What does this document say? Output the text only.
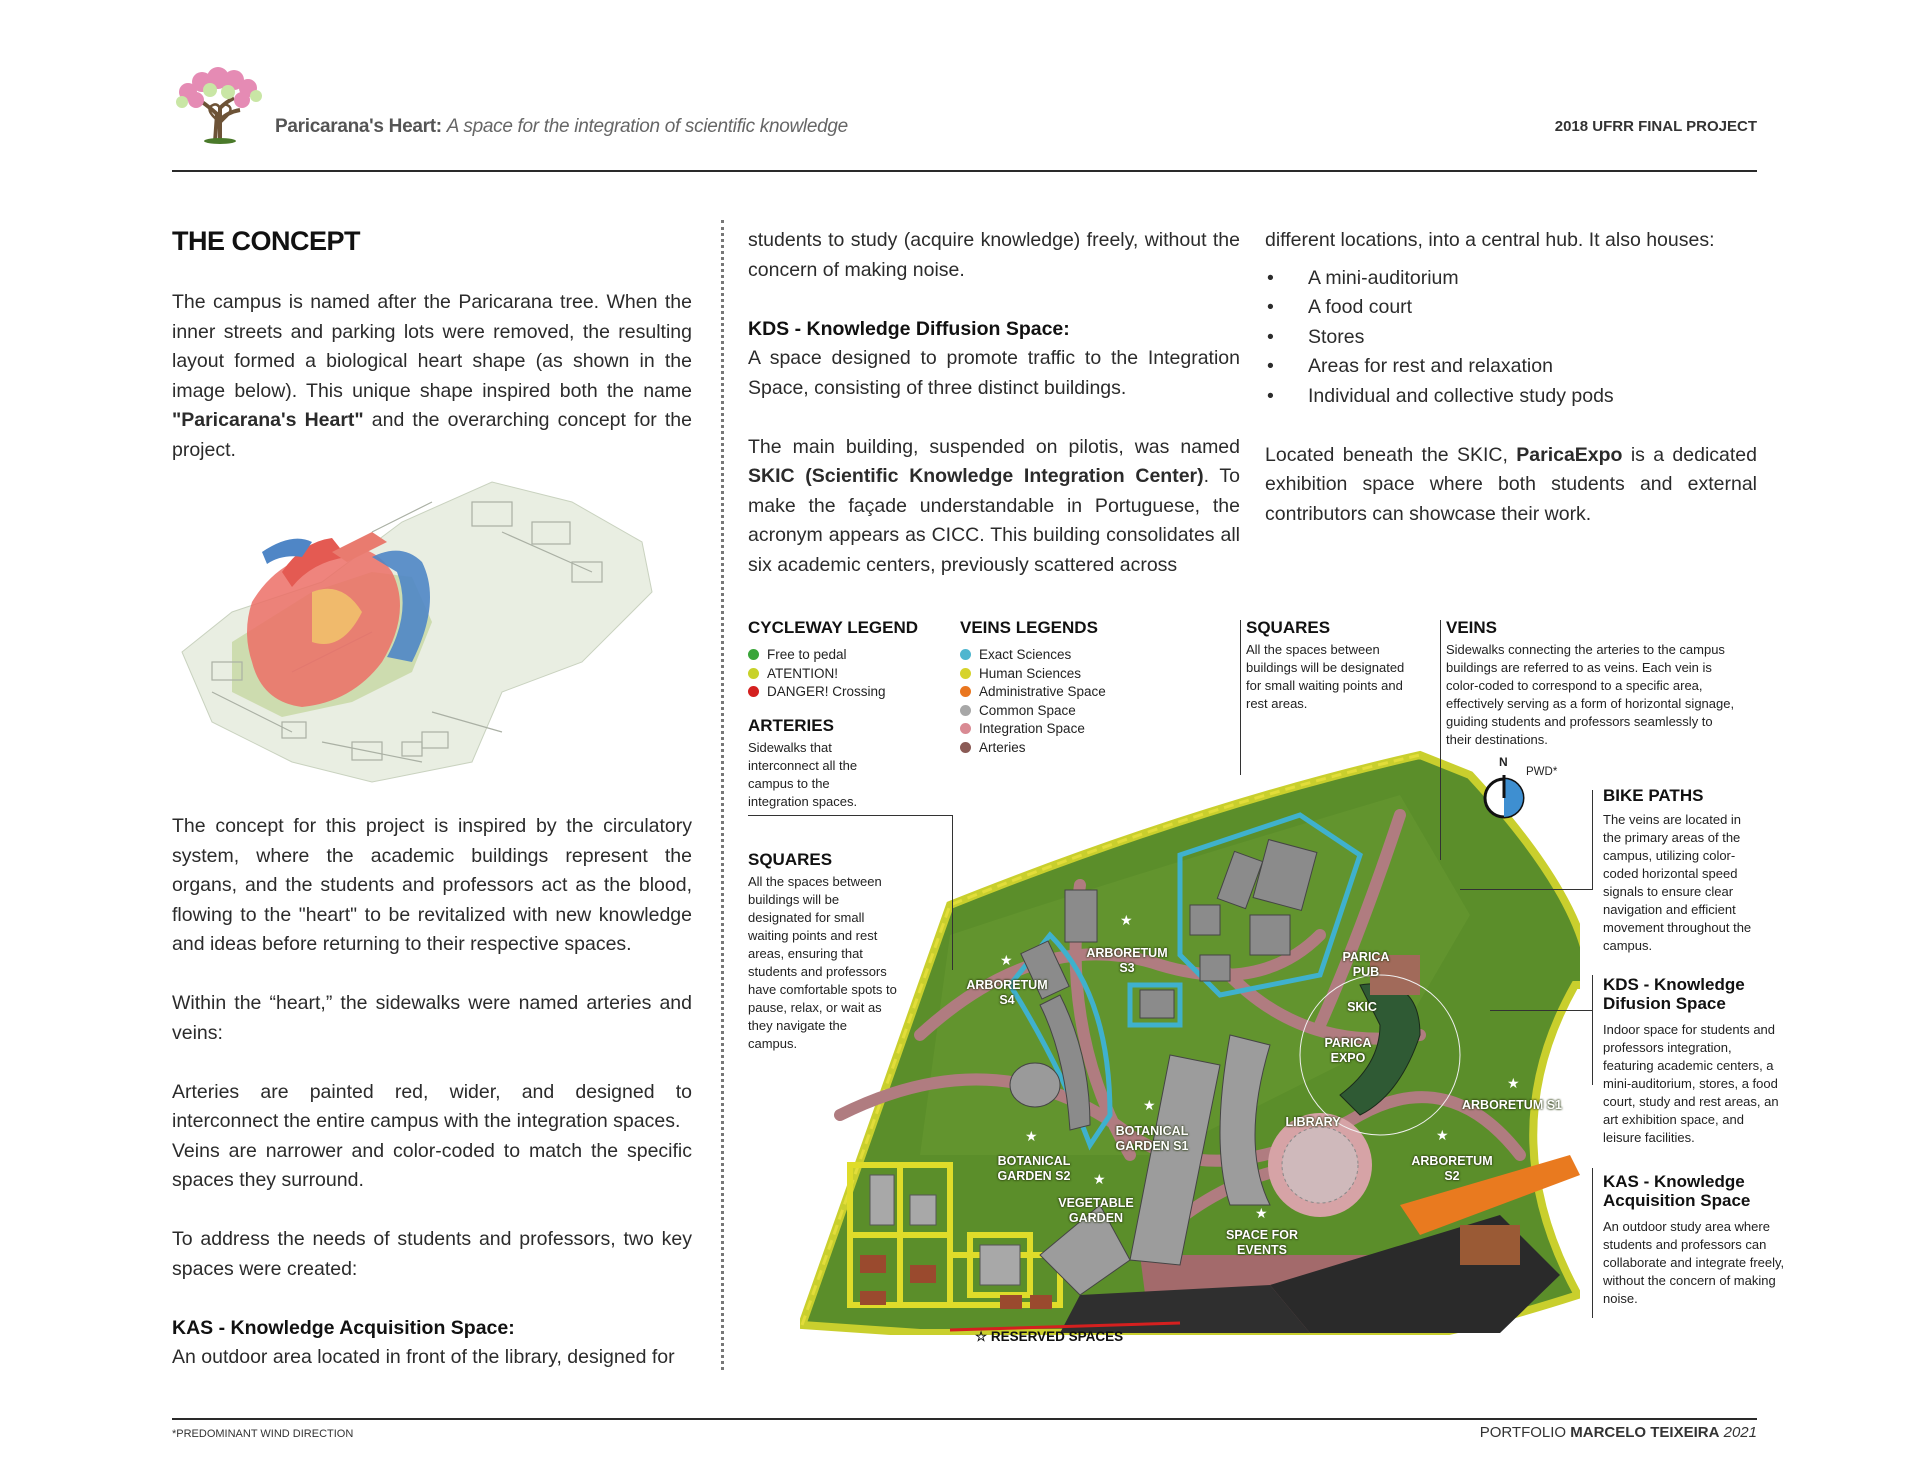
Paricarana's Heart: A space for the integration of scientific knowledge	2018 UFRR FINAL PROJECT
THE CONCEPT

The campus is named after the Paricarana tree. When the inner streets and parking lots were removed, the resulting layout formed a biological heart shape (as shown in the image below). This unique shape inspired both the name "Paricarana's Heart" and the overarching concept for the project.

The concept for this project is inspired by the circulatory system, where the academic buildings represent the organs, and the students and professors act as the blood, flowing to the "heart" to be revitalized with new knowledge and ideas before returning to their respective spaces.

Within the “heart,” the sidewalks were named arteries and veins:

Arteries are painted red, wider, and designed to interconnect the entire campus with the integration spaces.

Veins are narrower and color-coded to match the specific spaces they surround.

To address the needs of students and professors, two key spaces were created:

KAS - Knowledge Acquisition Space:

An outdoor area located in front of the library, designed for

students to study (acquire knowledge) freely, without the concern of making noise.

KDS - Knowledge Diffusion Space:

A space designed to promote traffic to the Integration Space, consisting of three distinct buildings.

The main building, suspended on pilotis, was named SKIC (Scientific Knowledge Integration Center). To make the façade understandable in Portuguese, the acronym appears as CICC. This building consolidates all six academic centers, previously scattered across

different locations, into a central hub. It also houses:

• A mini-auditorium
• A food court
• Stores
• Areas for rest and relaxation
• Individual and collective study pods

Located beneath the SKIC, ParicaExpo is a dedicated exhibition space where both students and external contributors can showcase their work.

ARBORETUM S4
ARBORETUM S3
PARICA PUB
SKIC
PARICA EXPO
ARBORETUM S1
LIBRARY
ARBORETUM S2
BOTANICAL GARDEN S1
BOTANICAL GARDEN S2
VEGETABLE GARDEN
SPACE FOR EVENTS
★
★
★
★
★
★
★
★
☆ RESERVED SPACES
CYCLEWAY LEGEND
Free to pedal
ATENTION!
DANGER! Crossing
VEINS LEGENDS
Exact Sciences
Human Sciences
Administrative Space
Common Space
Integration Space
Arteries
ARTERIES
Sidewalks that interconnect all the campus to the integration spaces.
SQUARES
All the spaces between buildings will be designated for small waiting points and rest areas, ensuring that students and professors have comfortable spots to pause, relax, or wait as they navigate the campus.
SQUARES
All the spaces between buildings will be designated for small waiting points and rest areas.
VEINS
Sidewalks connecting the arteries to the campus buildings are referred to as veins. Each vein is color-coded to correspond to a specific area, effectively serving as a form of horizontal signage, guiding students and professors seamlessly to their destinations.
N
PWD*
BIKE PATHS
The veins are located in the primary areas of the campus, utilizing color-coded horizontal speed signals to ensure clear navigation and efficient movement throughout the campus.
KDS - Knowledge Difusion Space
Indoor space for students and professors integration, featuring academic centers, a mini-auditorium, stores, a food court, study and rest areas, an art exhibition space, and leisure facilities.
KAS - Knowledge Acquisition Space
An outdoor study area where students and professors can collaborate and integrate freely, without the concern of making noise.
*PREDOMINANT WIND DIRECTION	PORTFOLIO MARCELO TEIXEIRA 2021
